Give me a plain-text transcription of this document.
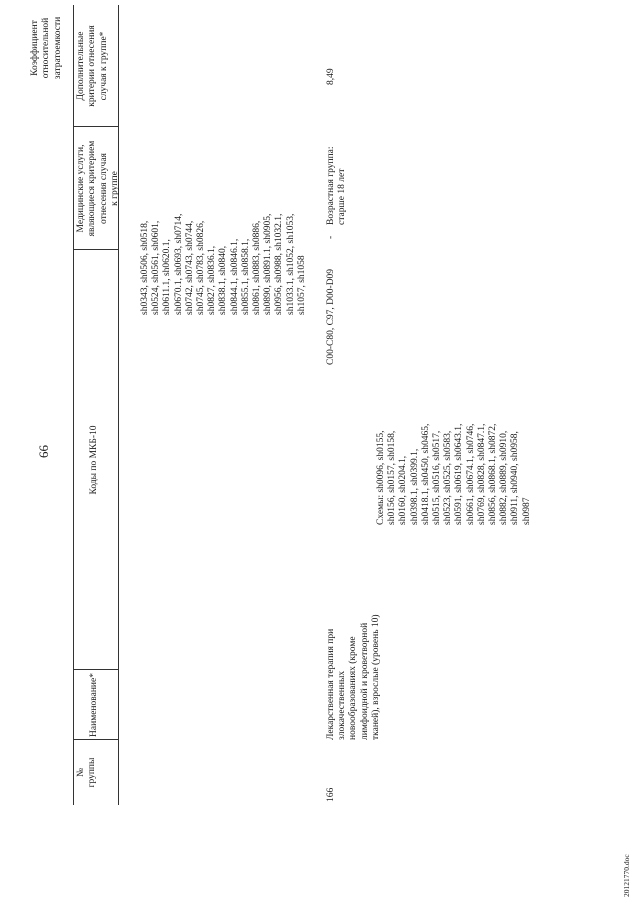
20121770.doc
66
№
группы
Наименование*
Коды по МКБ-10
Медицинские услуги,
являющиеся критерием
отнесения случая
к группе
Дополнительные
критерии отнесения
случая к группе*
Коэффициент
относительной
затратоемкости
sh0343, sh0506, sh0518,
sh0524, sh0561, sh0601,
sh0611.1, sh0620.1,
sh0670.1, sh0693, sh0714,
sh0742, sh0743, sh0744,
sh0745, sh0783, sh0826,
sh0827, sh0836.1,
sh0838.1, sh0840,
sh0844.1, sh0846.1,
sh0855.1, sh0858.1,
sh0861, sh0883, sh0886,
sh0890, sh0891.1, sh0905,
sh0956, sh0988, sh1032.1,
sh1033.1, sh1052, sh1053,
sh1057, sh1058
166
Лекарственная терапия при
злокачественных
новообразованиях (кроме
лимфоидной и кроветворной
тканей), взрослые (уровень 10)
C00-C80, C97, D00-D09
-
Возрастная группа:
старше 18 лет
Схемы: sh0096, sh0155,
sh0156, sh0157, sh0158,
sh0160, sh0204.1,
sh0398.1, sh0399.1,
sh0418.1, sh0450, sh0465,
sh0515, sh0516, sh0517,
sh0523, sh0525, sh0583,
sh0591, sh0619, sh0643.1,
sh0661, sh0674.1, sh0746,
sh0769, sh0828, sh0847.1,
sh0856, sh0868.1, sh0872,
sh0882, sh0889, sh0910,
sh0911, sh0940, sh0958,
sh0987
8,49
